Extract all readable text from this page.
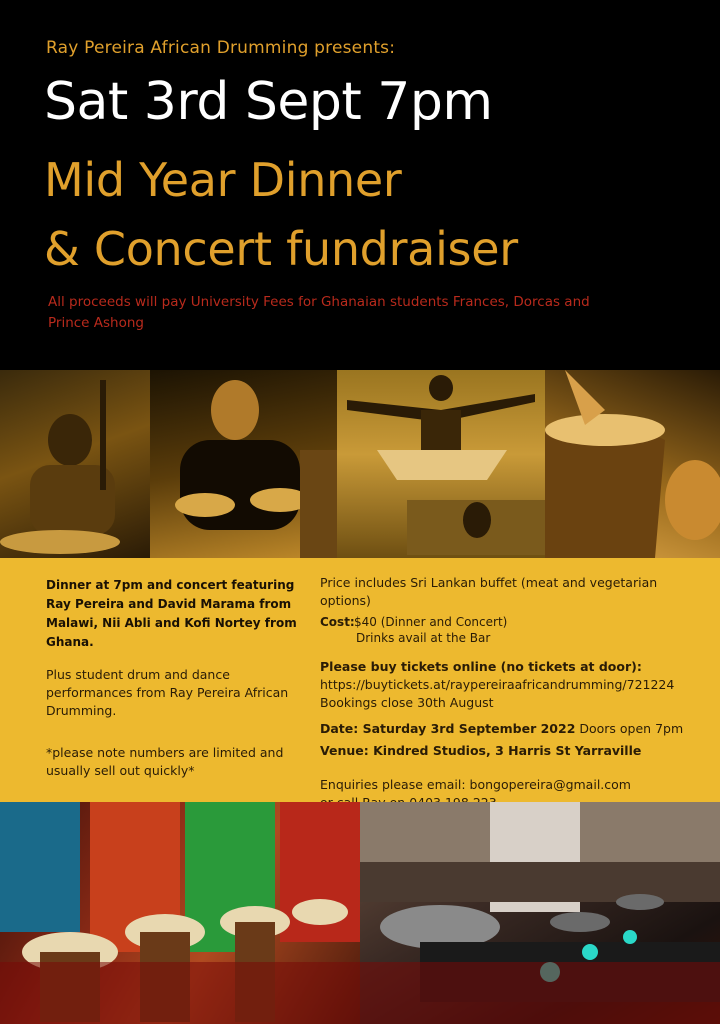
Ray Pereira African Drumming presents:
Sat 3rd Sept 7pm
Mid Year Dinner
& Concert fundraiser
All proceeds will pay University Fees for Ghanaian students Frances, Dorcas and Prince Ashong
Dinner at 7pm and concert featuring Ray Pereira and David Marama from Malawi, Nii Abli and Kofi Nortey from Ghana.
Plus student drum and dance performances from Ray Pereira African Drumming.
*please note numbers are limited and usually sell out quickly*
Price includes Sri Lankan buffet (meat and vegetarian options)
Cost: $40 (Dinner and Concert)
Drinks avail at the Bar
Please buy tickets online (no tickets at door):
https://buytickets.at/raypereiraafricandrumming/721224
Bookings close 30th August
Date: Saturday 3rd September 2022 Doors open 7pm
Venue: Kindred Studios, 3 Harris St Yarraville
Enquiries please email: bongopereira@gmail.com
